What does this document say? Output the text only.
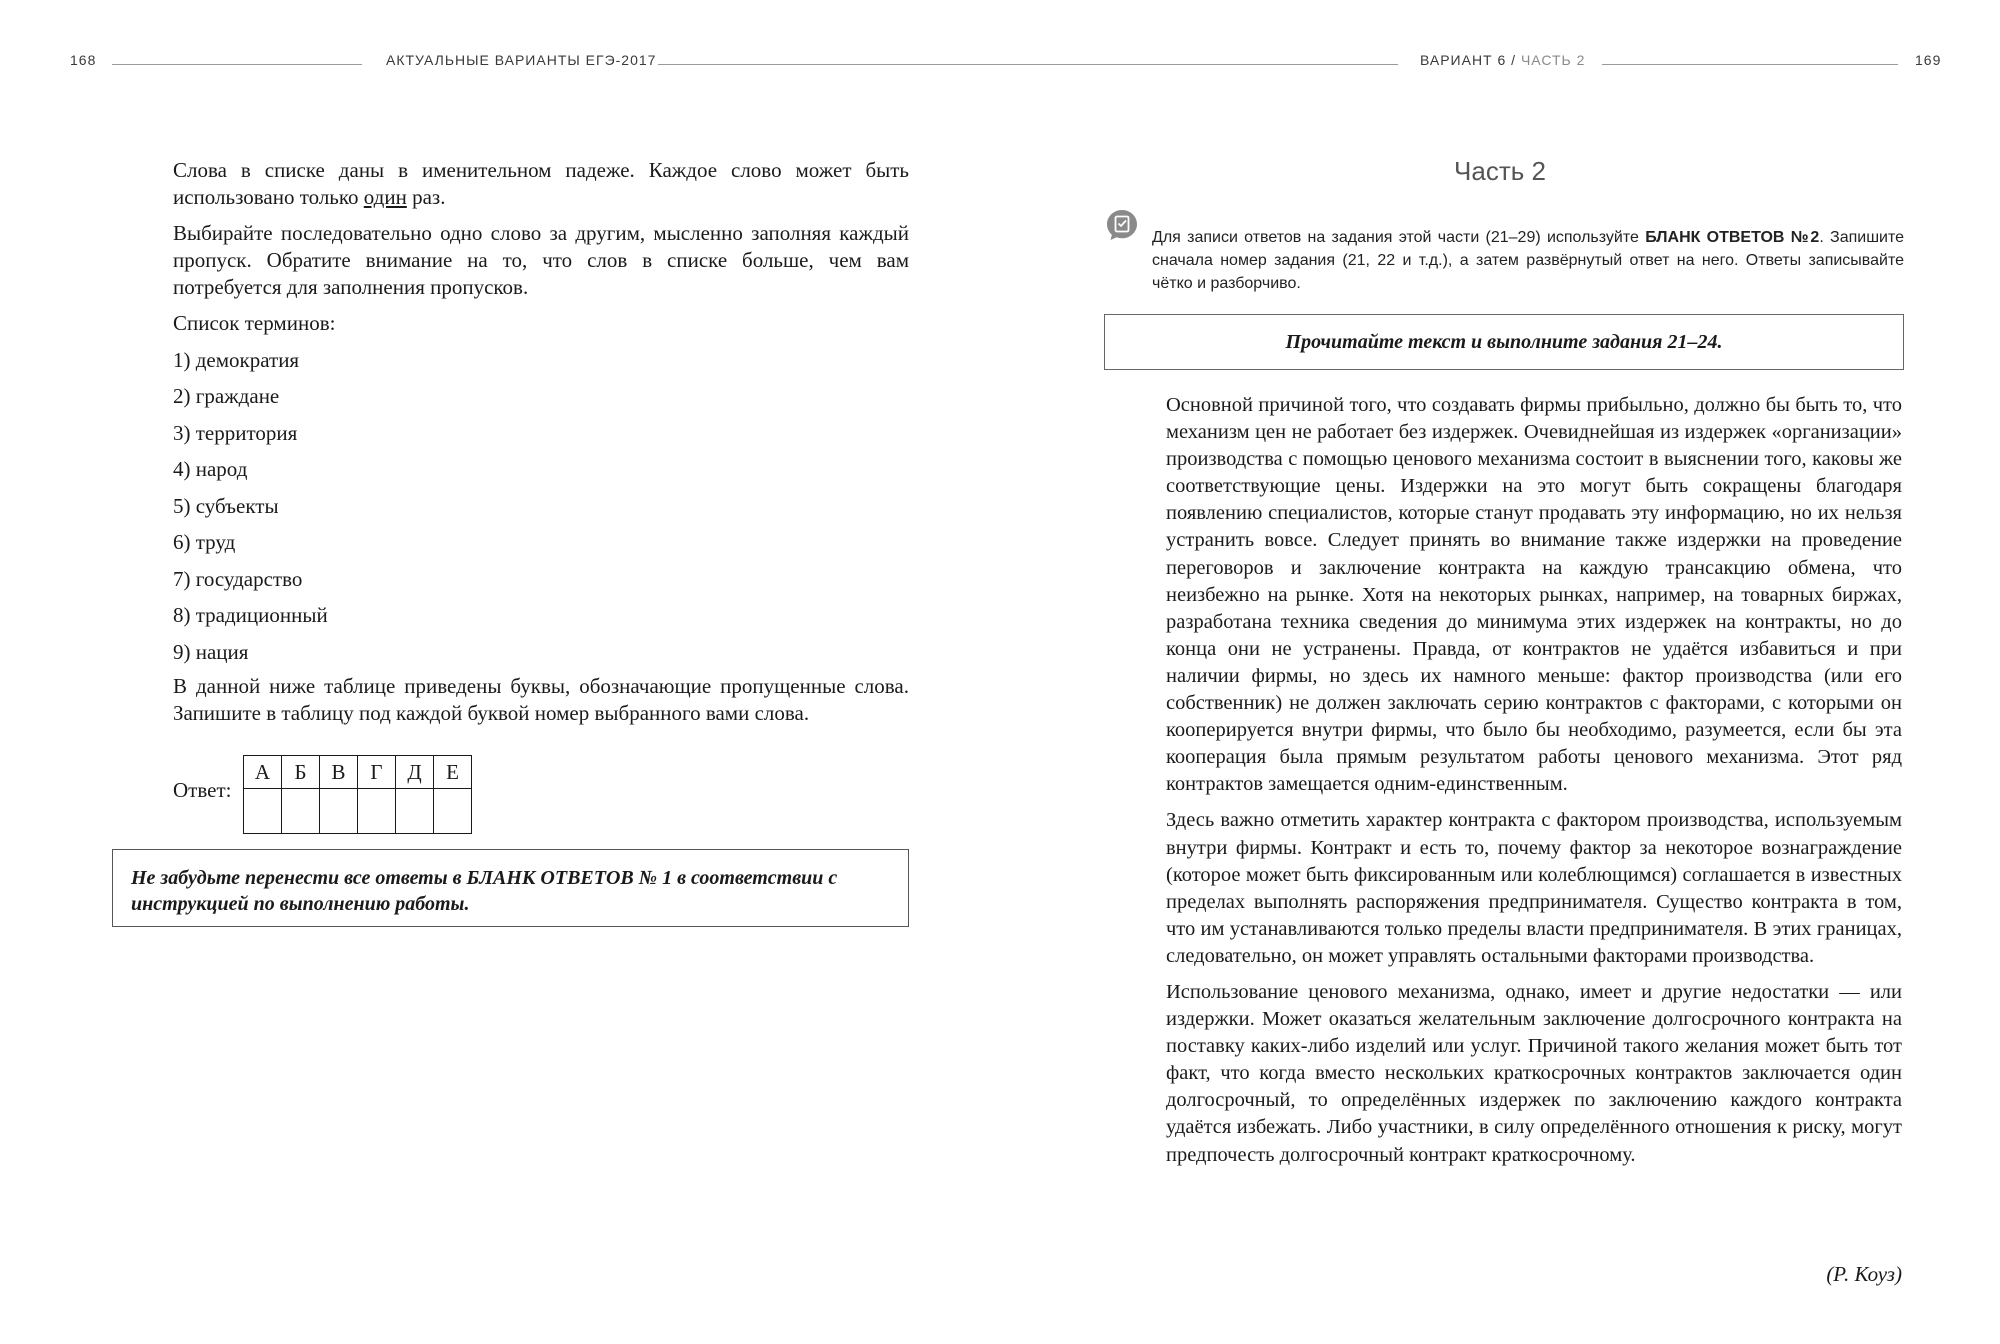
168	АКТУАЛЬНЫЕ ВАРИАНТЫ ЕГЭ-2017	ВАРИАНТ 6 / ЧАСТЬ 2	169

Слова в списке даны в именительном падеже. Каждое слово может быть использовано только один раз.

Выбирайте последовательно одно слово за другим, мысленно заполняя каждый пропуск. Обратите внимание на то, что слов в списке больше, чем вам потребуется для заполнения пропусков.

Список терминов:

1) демократия

2) граждане

3) территория

4) народ

5) субъекты

6) труд

7) государство

8) традиционный

9) нация

В данной ниже таблице приведены буквы, обозначающие пропущенные слова. Запишите в таблицу под каждой буквой номер выбранного вами слова.

Ответ:
А	Б	В	Г	Д	Е

Не забудьте перенести все ответы в БЛАНК ОТВЕТОВ № 1 в соответствии с инструкцией по выполнению работы.
Часть 2

Для записи ответов на задания этой части (21–29) используйте БЛАНК ОТВЕТОВ №2. Запишите сначала номер задания (21, 22 и т.д.), а затем развёрнутый ответ на него. Ответы записывайте чётко и разборчиво.

Прочитайте текст и выполните задания 21–24.

Основной причиной того, что создавать фирмы прибыльно, должно бы быть то, что механизм цен не работает без издержек. Очевиднейшая из издержек «организации» производства с помощью ценового механизма состоит в выяснении того, каковы же соответствующие цены. Издержки на это могут быть сокращены благодаря появлению специалистов, которые станут продавать эту информацию, но их нельзя устранить вовсе. Следует принять во внимание также издержки на проведение переговоров и заключение контракта на каждую трансакцию обмена, что неизбежно на рынке. Хотя на некоторых рынках, например, на товарных биржах, разработана техника сведения до минимума этих издержек на контракты, но до конца они не устранены. Правда, от контрактов не удаётся избавиться и при наличии фирмы, но здесь их намного меньше: фактор производства (или его собственник) не должен заключать серию контрактов с факторами, с которыми он кооперируется внутри фирмы, что было бы необходимо, разумеется, если бы эта кооперация была прямым результатом работы ценового механизма. Этот ряд контрактов замещается одним-единственным.

Здесь важно отметить характер контракта с фактором производства, используемым внутри фирмы. Контракт и есть то, почему фактор за некоторое вознаграждение (которое может быть фиксированным или колеблющимся) соглашается в известных пределах выполнять распоряжения предпринимателя. Существо контракта в том, что им устанавливаются только пределы власти предпринимателя. В этих границах, следовательно, он может управлять остальными факторами производства.

Использование ценового механизма, однако, имеет и другие недостатки — или издержки. Может оказаться желательным заключение долгосрочного контракта на поставку каких-либо изделий или услуг. Причиной такого желания может быть тот факт, что когда вместо нескольких краткосрочных контрактов заключается один долгосрочный, то определённых издержек по заключению каждого контракта удаётся избежать. Либо участники, в силу определённого отношения к риску, могут предпочесть долгосрочный контракт краткосрочному.

(Р. Коуз)
